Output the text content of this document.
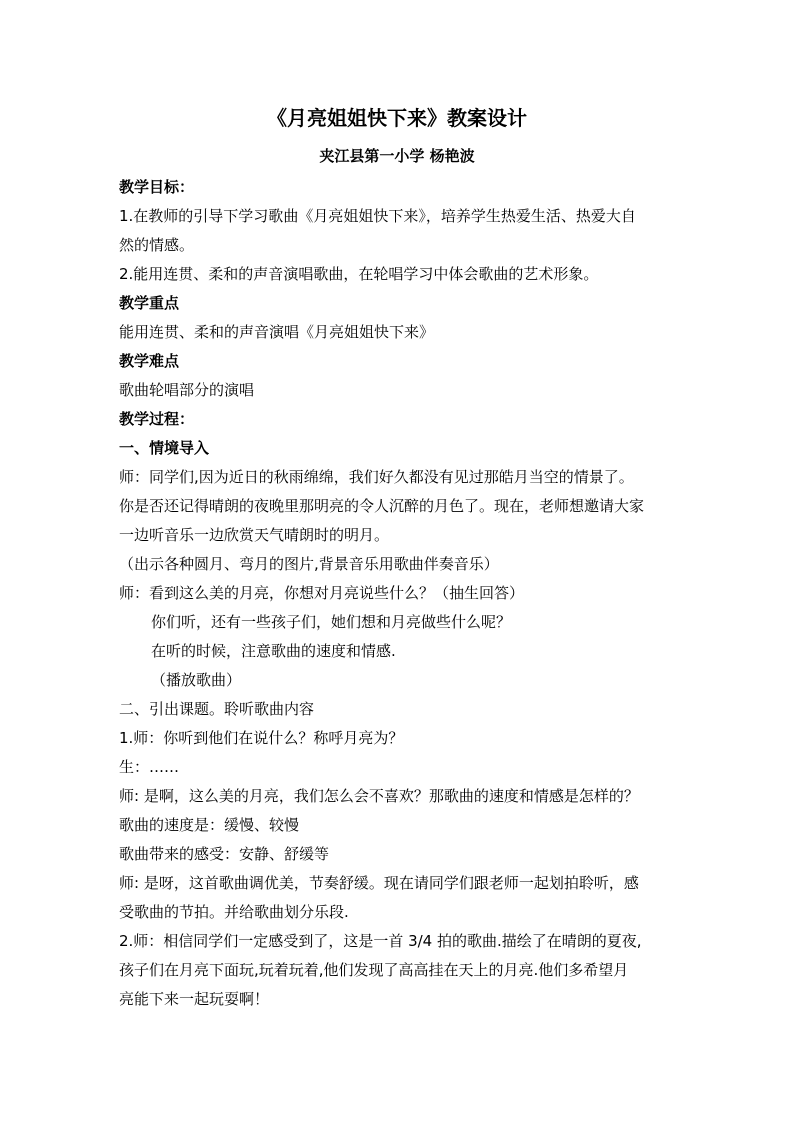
《月亮姐姐快下来》教案设计
夹江县第一小学 杨艳波
教学目标：
1.在教师的引导下学习歌曲《月亮姐姐快下来》，培养学生热爱生活、热爱大自
然的情感。
2.能用连贯、柔和的声音演唱歌曲，在轮唱学习中体会歌曲的艺术形象。
教学重点
能用连贯、柔和的声音演唱《月亮姐姐快下来》
教学难点
歌曲轮唱部分的演唱
教学过程：
一、情境导入
师：同学们,因为近日的秋雨绵绵，我们好久都没有见过那皓月当空的情景了。
你是否还记得晴朗的夜晚里那明亮的令人沉醉的月色了。现在，老师想邀请大家
一边听音乐一边欣赏天气晴朗时的明月。
（出示各种圆月、弯月的图片,背景音乐用歌曲伴奏音乐）
师：看到这么美的月亮，你想对月亮说些什么？（抽生回答）
你们听，还有一些孩子们，她们想和月亮做些什么呢？
在听的时候，注意歌曲的速度和情感.
（播放歌曲）
二、引出课题。聆听歌曲内容
1.师：你听到他们在说什么？称呼月亮为？
生：……
师: 是啊，这么美的月亮，我们怎么会不喜欢？那歌曲的速度和情感是怎样的？
歌曲的速度是：缓慢、较慢
歌曲带来的感受：安静、舒缓等
师: 是呀，这首歌曲调优美，节奏舒缓。现在请同学们跟老师一起划拍聆听，感
受歌曲的节拍。并给歌曲划分乐段.
2.师：相信同学们一定感受到了，这是一首 3/4 拍的歌曲.描绘了在晴朗的夏夜,
孩子们在月亮下面玩,玩着玩着,他们发现了高高挂在天上的月亮.他们多希望月
亮能下来一起玩耍啊！
